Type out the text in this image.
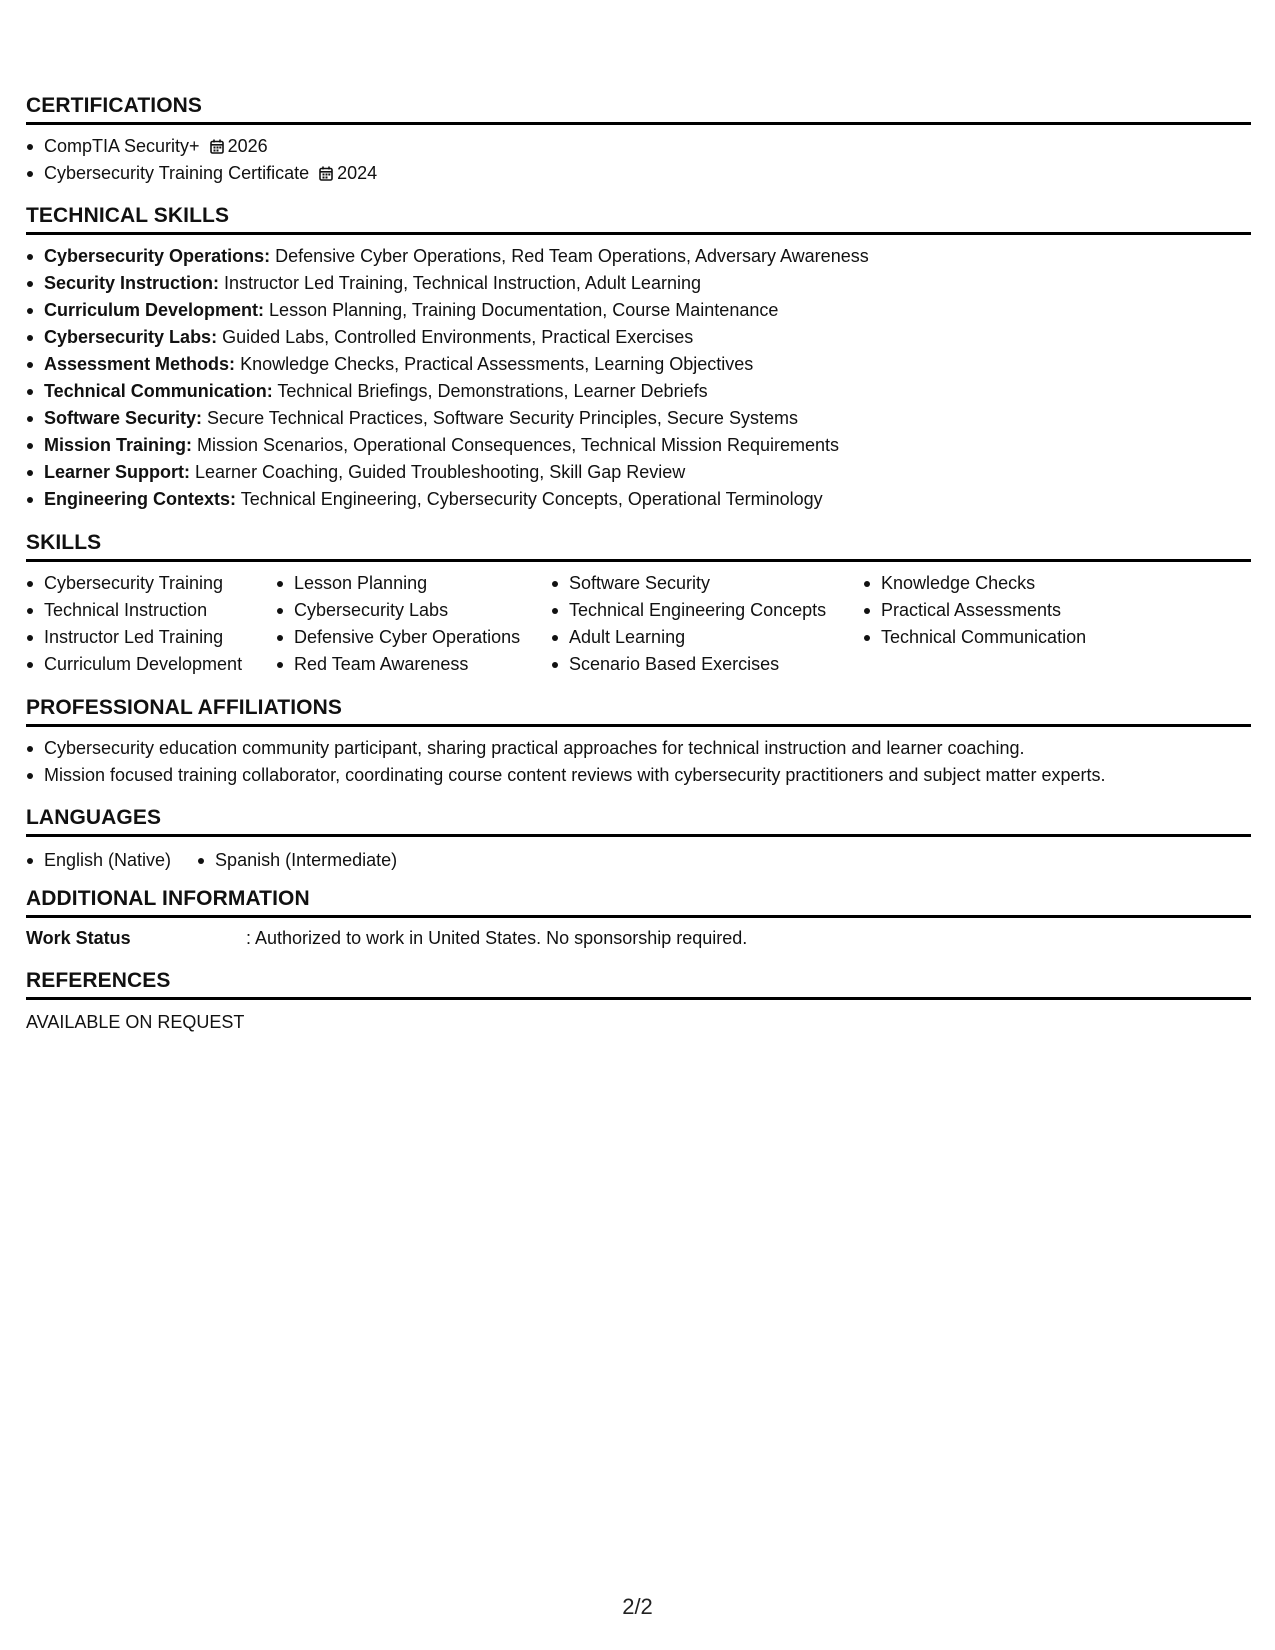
CERTIFICATIONS
CompTIA Security+ 2026
Cybersecurity Training Certificate 2024
TECHNICAL SKILLS
Cybersecurity Operations: Defensive Cyber Operations, Red Team Operations, Adversary Awareness
Security Instruction: Instructor Led Training, Technical Instruction, Adult Learning
Curriculum Development: Lesson Planning, Training Documentation, Course Maintenance
Cybersecurity Labs: Guided Labs, Controlled Environments, Practical Exercises
Assessment Methods: Knowledge Checks, Practical Assessments, Learning Objectives
Technical Communication: Technical Briefings, Demonstrations, Learner Debriefs
Software Security: Secure Technical Practices, Software Security Principles, Secure Systems
Mission Training: Mission Scenarios, Operational Consequences, Technical Mission Requirements
Learner Support: Learner Coaching, Guided Troubleshooting, Skill Gap Review
Engineering Contexts: Technical Engineering, Cybersecurity Concepts, Operational Terminology
SKILLS
Cybersecurity Training
Technical Instruction
Instructor Led Training
Curriculum Development
Lesson Planning
Cybersecurity Labs
Defensive Cyber Operations
Red Team Awareness
Software Security
Technical Engineering Concepts
Adult Learning
Scenario Based Exercises
Knowledge Checks
Practical Assessments
Technical Communication
PROFESSIONAL AFFILIATIONS
Cybersecurity education community participant, sharing practical approaches for technical instruction and learner coaching.
Mission focused training collaborator, coordinating course content reviews with cybersecurity practitioners and subject matter experts.
LANGUAGES
English (Native)	Spanish (Intermediate)
ADDITIONAL INFORMATION
Work Status	: Authorized to work in United States. No sponsorship required.
REFERENCES
AVAILABLE ON REQUEST
2/2
